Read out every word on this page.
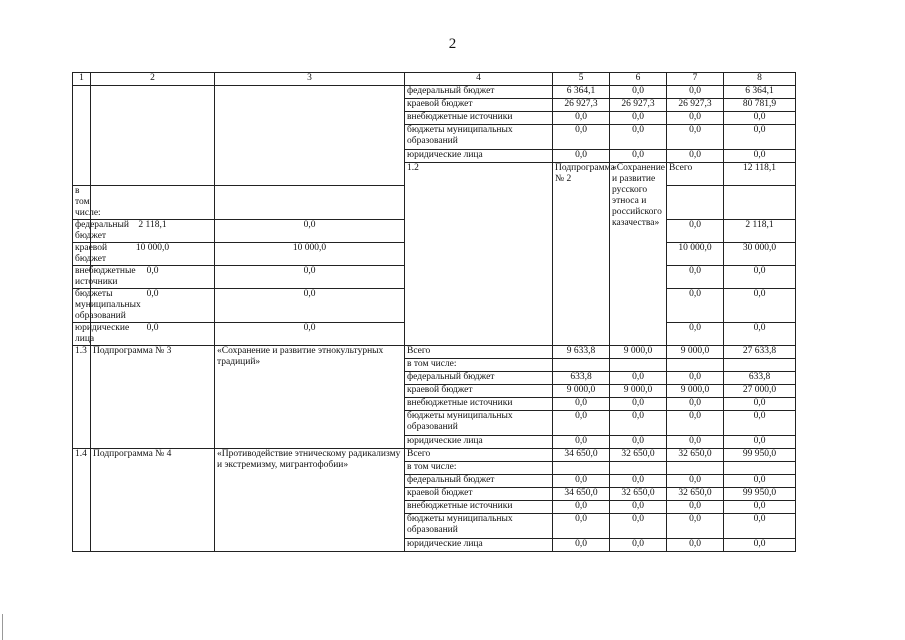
2
1	2	3	4	5	6	7	8	
			федеральный бюджет	6 364,1	0,0	0,0	6 364,1	
			краевой бюджет	26 927,3	26 927,3	26 927,3	80 781,9	
			внебюджетные источники	0,0	0,0	0,0	0,0	
			бюджеты муниципальных образований	0,0	0,0	0,0	0,0	
			юридические лица	0,0	0,0	0,0	0,0	
			1.2	Подпрограмма № 2	«Сохранение и развитие русского этноса и российского казачества»	Всего	12 118,1			
в том числе:								
федеральный бюджет	2 118,1	0,0				0,0	2 118,1	
краевой бюджет	10 000,0	10 000,0				10 000,0	30 000,0	
внебюджетные источники	0,0	0,0				0,0	0,0	
бюджеты муниципальных образований	0,0	0,0				0,0	0,0	
юридические лица	0,0	0,0				0,0	0,0	
1.3	Подпрограмма № 3	«Сохранение и развитие этнокультурных традиций»	Всего	9 633,8	9 000,0	9 000,0	27 633,8	
			в том числе:					
			федеральный бюджет	633,8	0,0	0,0	633,8	
			краевой бюджет	9 000,0	9 000,0	9 000,0	27 000,0	
			внебюджетные источники	0,0	0,0	0,0	0,0	
			бюджеты муниципальных образований	0,0	0,0	0,0	0,0	
			юридические лица	0,0	0,0	0,0	0,0	
1.4	Подпрограмма № 4	«Противодействие этническому радикализму и экстремизму, мигрантофобии»	Всего	34 650,0	32 650,0	32 650,0	99 950,0	
			в том числе:					
			федеральный бюджет	0,0	0,0	0,0	0,0	
			краевой бюджет	34 650,0	32 650,0	32 650,0	99 950,0	
			внебюджетные источники	0,0	0,0	0,0	0,0	
			бюджеты муниципальных образований	0,0	0,0	0,0	0,0	
			юридические лица	0,0	0,0	0,0	0,0	
